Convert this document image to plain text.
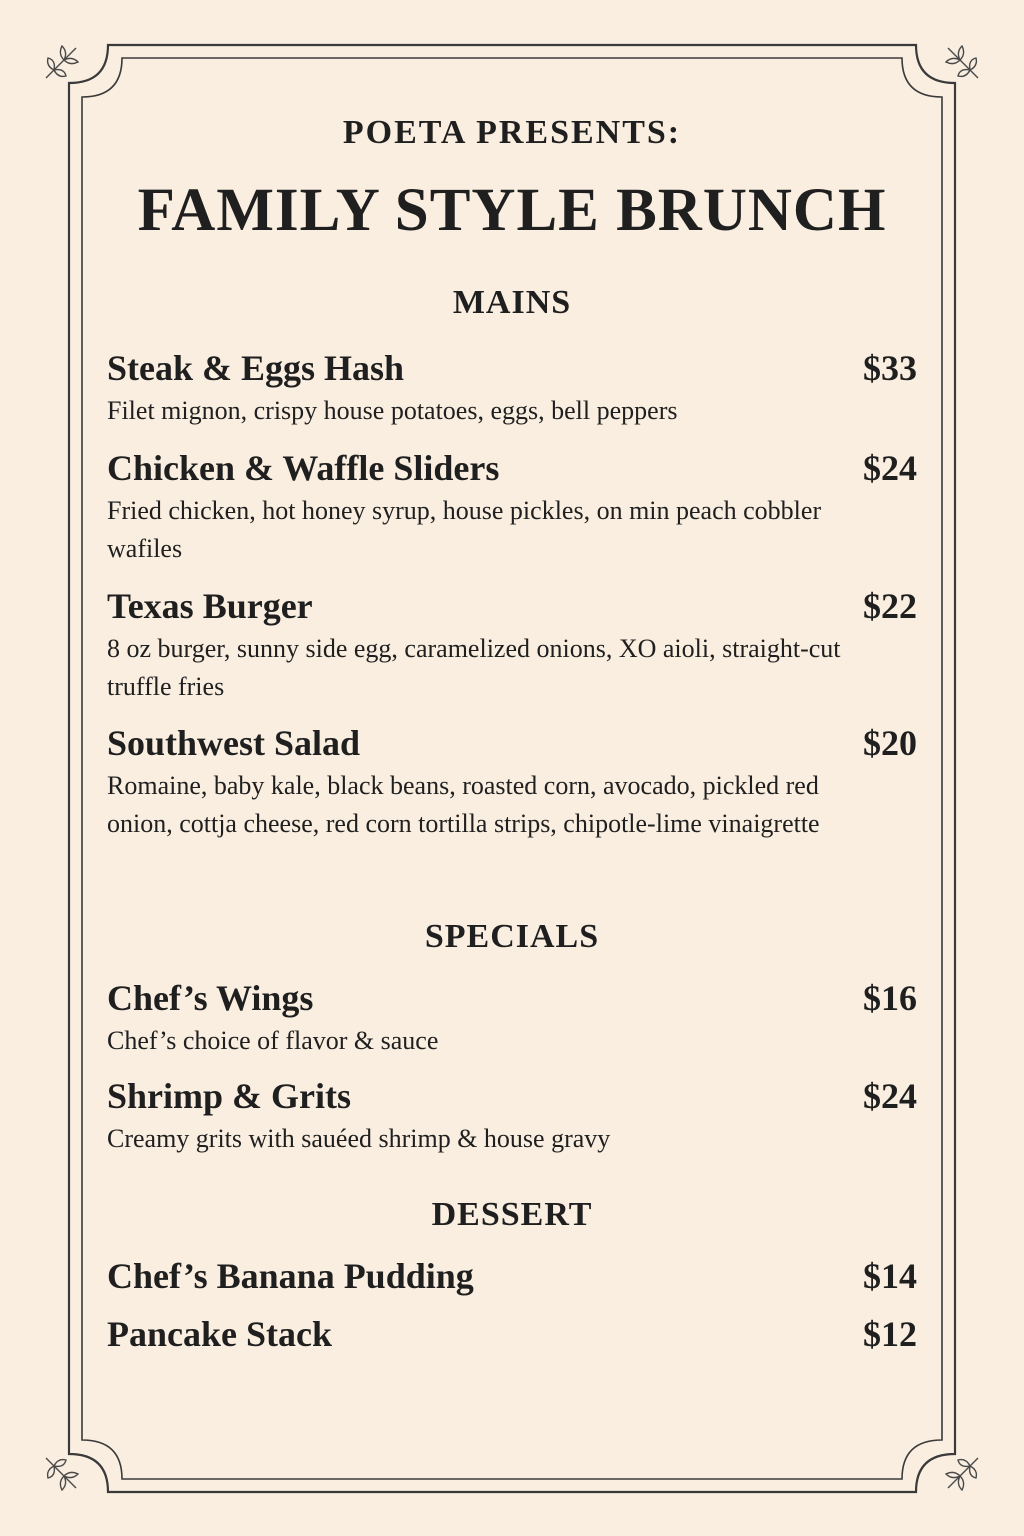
POETA PRESENTS:
FAMILY STYLE BRUNCH
MAINS
Steak & Eggs Hash	$33
Filet mignon, crispy house potatoes, eggs, bell peppers
Chicken & Waffle Sliders	$24
Fried chicken, hot honey syrup, house pickles, on min peach cobbler wafiles
Texas Burger	$22
8 oz burger, sunny side egg, caramelized onions, XO aioli, straight-cut truffle fries
Southwest Salad	$20
Romaine, baby kale, black beans, roasted corn, avocado, pickled red onion, cottja cheese, red corn tortilla strips, chipotle-lime vinaigrette
SPECIALS
Chef’s Wings	$16
Chef’s choice of flavor & sauce
Shrimp & Grits	$24
Creamy grits with sauéed shrimp & house gravy
DESSERT
Chef’s Banana Pudding	$14
Pancake Stack	$12
